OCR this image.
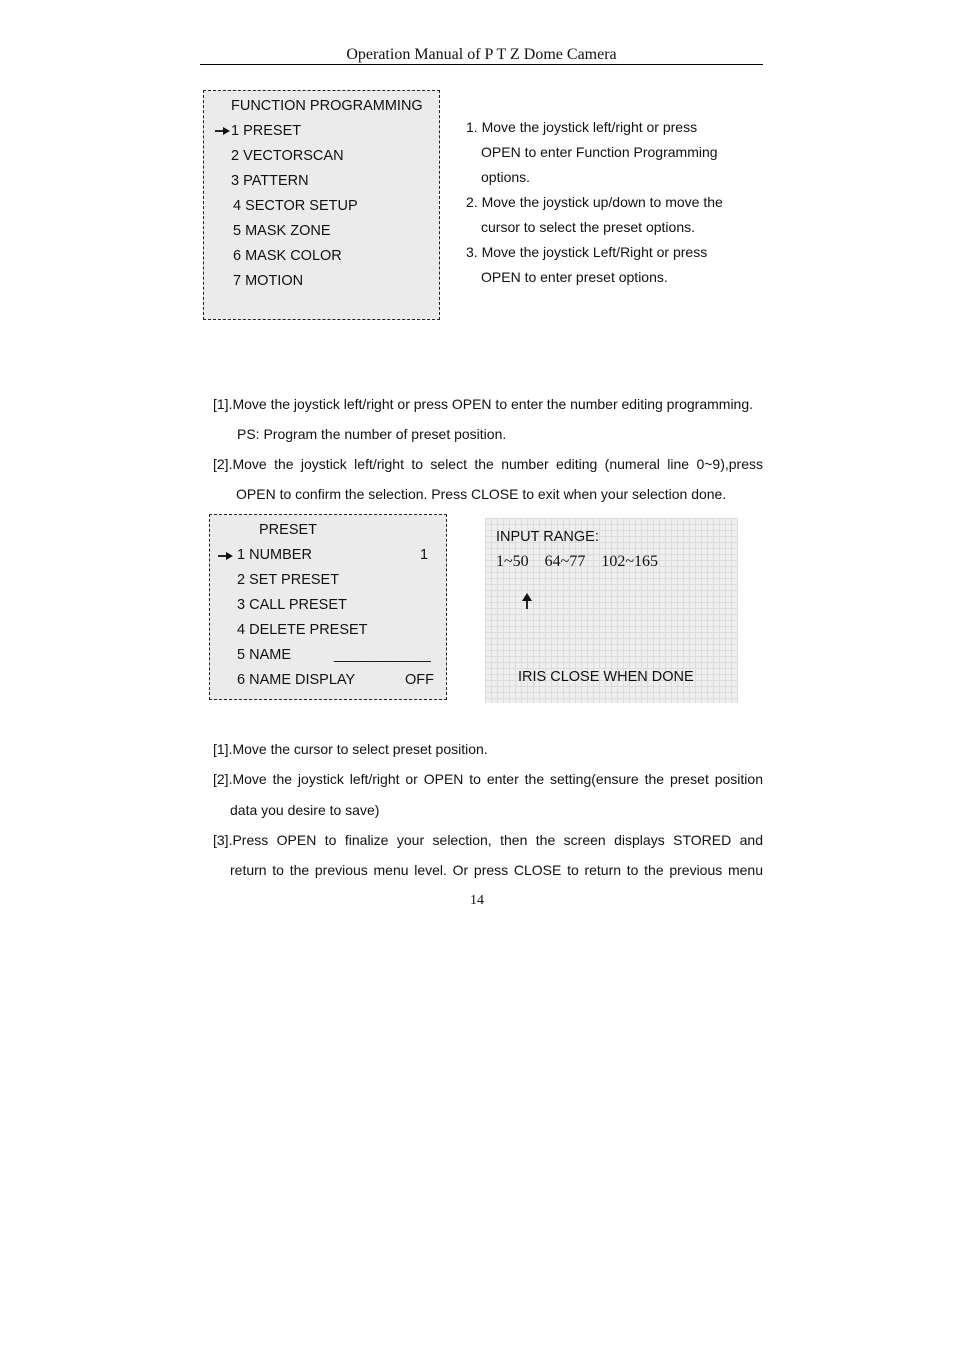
Operation Manual of P T Z Dome Camera
FUNCTION PROGRAMMING
1 PRESET
2 VECTORSCAN
3 PATTERN
4 SECTOR SETUP
5 MASK ZONE
6 MASK COLOR
7 MOTION
1. Move the joystick left/right or press
OPEN to enter Function Programming
options.
2. Move the joystick up/down to move the
cursor to select the preset options.
3. Move the joystick Left/Right or press
OPEN to enter preset options.
[1].Move the joystick left/right or press OPEN to enter the number editing programming.
PS: Program the number of preset position.
[2].Move the joystick left/right to select the number editing (numeral line 0~9),press
OPEN to confirm the selection. Press CLOSE to exit when your selection done.
PRESET
1 NUMBER	1
2 SET PRESET
3 CALL PRESET
4 DELETE PRESET
5 NAME	____________
6 NAME DISPLAY	OFF
INPUT RANGE:
1~50    64~77    102~165
IRIS CLOSE WHEN DONE
[1].Move the cursor to select preset position.
[2].Move the joystick left/right or OPEN to enter the setting(ensure the preset position
data you desire to save)
[3].Press OPEN to finalize your selection, then the screen displays STORED and
return to the previous menu level. Or press CLOSE to return to the previous menu
14
